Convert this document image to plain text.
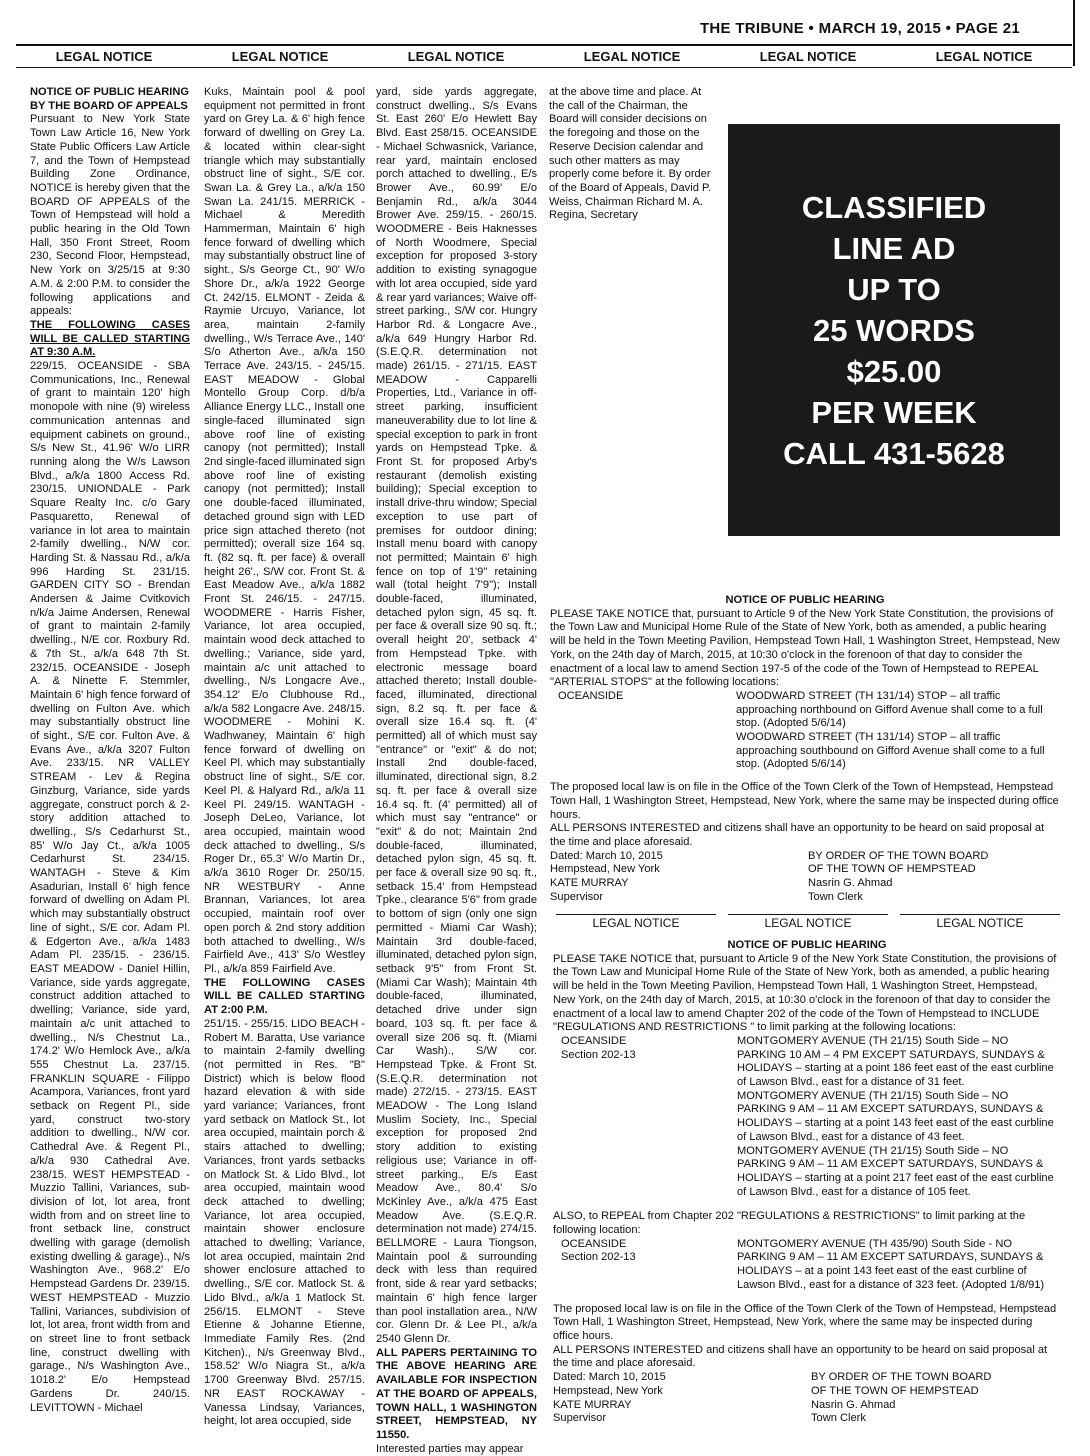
THE TRIBUNE • MARCH 19, 2015 • PAGE 21
LEGAL NOTICE	LEGAL NOTICE	LEGAL NOTICE	LEGAL NOTICE	LEGAL NOTICE	LEGAL NOTICE

NOTICE OF PUBLIC HEARING BY THE BOARD OF APPEALS

Pursuant to New York State Town Law Article 16, New York State Public Officers Law Article 7, and the Town of Hempstead Building Zone Ordinance, NOTICE is hereby given that the BOARD OF APPEALS of the Town of Hempstead will hold a public hearing in the Old Town Hall, 350 Front Street, Room 230, Second Floor, Hempstead, New York on 3/25/15 at 9:30 A.M. & 2:00 P.M. to consider the following applications and appeals:

THE FOLLOWING CASES WILL BE CALLED STARTING AT 9:30 A.M.

229/15. OCEANSIDE - SBA Communications, Inc., Renewal of grant to maintain 120' high monopole with nine (9) wireless communication antennas and equipment cabinets on ground., S/s New St., 41.96' W/o LIRR running along the W/s Lawson Blvd., a/k/a 1800 Access Rd. 230/15. UNIONDALE - Park Square Realty Inc. c/o Gary Pasquaretto, Renewal of variance in lot area to maintain 2-family dwelling., N/W cor. Harding St. & Nassau Rd., a/k/a 996 Harding St. 231/15. GARDEN CITY SO - Brendan Andersen & Jaime Cvitkovich n/k/a Jaime Andersen, Renewal of grant to maintain 2-family dwelling., N/E cor. Roxbury Rd. & 7th St., a/k/a 648 7th St. 232/15. OCEANSIDE - Joseph A. & Ninette F. Stemmler, Maintain 6' high fence forward of dwelling on Fulton Ave. which may substantially obstruct line of sight., S/E cor. Fulton Ave. & Evans Ave., a/k/a 3207 Fulton Ave. 233/15. NR VALLEY STREAM - Lev & Regina Ginzburg, Variance, side yards aggregate, construct porch & 2-story addition attached to dwelling., S/s Cedarhurst St., 85' W/o Jay Ct., a/k/a 1005 Cedarhurst St. 234/15. WANTAGH - Steve & Kim Asadurian, Install 6' high fence forward of dwelling on Adam Pl. which may substantially obstruct line of sight., S/E cor. Adam Pl. & Edgerton Ave., a/k/a 1483 Adam Pl. 235/15. - 236/15. EAST MEADOW - Daniel Hillin, Variance, side yards aggregate, construct addition attached to dwelling; Variance, side yard, maintain a/c unit attached to dwelling., N/s Chestnut La., 174.2' W/o Hemlock Ave., a/k/a 555 Chestnut La. 237/15. FRANKLIN SQUARE - Filippo Acampora, Variances, front yard setback on Regent Pl., side yard, construct two-story addition to dwelling., N/W cor. Cathedral Ave. & Regent Pl., a/k/a 930 Cathedral Ave. 238/15. WEST HEMPSTEAD - Muzzio Tallini, Variances, sub-division of lot, lot area, front width from and on street line to front setback line, construct dwelling with garage (demolish existing dwelling & garage)., N/s Washington Ave., 968.2' E/o Hempstead Gardens Dr. 239/15. WEST HEMPSTEAD - Muzzio Tallini, Variances, subdivision of lot, lot area, front width from and on street line to front setback line, construct dwelling with garage., N/s Washington Ave., 1018.2' E/o Hempstead Gardens Dr. 240/15. LEVITTOWN - Michael

Kuks, Maintain pool & pool equipment not permitted in front yard on Grey La. & 6' high fence forward of dwelling on Grey La. & located within clear-sight triangle which may substantially obstruct line of sight., S/E cor. Swan La. & Grey La., a/k/a 150 Swan La. 241/15. MERRICK - Michael & Meredith Hammerman, Maintain 6' high fence forward of dwelling which may substantially obstruct line of sight., S/s George Ct., 90' W/o Shore Dr., a/k/a 1922 George Ct. 242/15. ELMONT - Zeida & Raymie Urcuyo, Variance, lot area, maintain 2-family dwelling., W/s Terrace Ave., 140' S/o Atherton Ave., a/k/a 150 Terrace Ave. 243/15. - 245/15. EAST MEADOW - Global Montello Group Corp. d/b/a Alliance Energy LLC., Install one single-faced illuminated sign above roof line of existing canopy (not permitted); Install 2nd single-faced illuminated sign above roof line of existing canopy (not permitted); Install one double-faced illuminated, detached ground sign with LED price sign attached thereto (not permitted); overall size 164 sq. ft. (82 sq. ft. per face) & overall height 26'., S/W cor. Front St. & East Meadow Ave., a/k/a 1882 Front St. 246/15. - 247/15. WOODMERE - Harris Fisher, Variance, lot area occupied, maintain wood deck attached to dwelling.; Variance, side yard, maintain a/c unit attached to dwelling., N/s Longacre Ave., 354.12' E/o Clubhouse Rd., a/k/a 582 Longacre Ave. 248/15. WOODMERE - Mohini K. Wadhwaney, Maintain 6' high fence forward of dwelling on Keel Pl. which may substantially obstruct line of sight., S/E cor. Keel Pl. & Halyard Rd., a/k/a 11 Keel Pl. 249/15. WANTAGH - Joseph DeLeo, Variance, lot area occupied, maintain wood deck attached to dwelling., S/s Roger Dr., 65.3' W/o Martin Dr., a/k/a 3610 Roger Dr. 250/15. NR WESTBURY - Anne Brannan, Variances, lot area occupied, maintain roof over open porch & 2nd story addition both attached to dwelling., W/s Fairfield Ave., 413' S/o Westley Pl., a/k/a 859 Fairfield Ave.

THE FOLLOWING CASES WILL BE CALLED STARTING AT 2:00 P.M.

251/15. - 255/15. LIDO BEACH - Robert M. Baratta, Use variance to maintain 2-family dwelling (not permitted in Res. "B" District) which is below flood hazard elevation & with side yard variance; Variances, front yard setback on Matlock St., lot area occupied, maintain porch & stairs attached to dwelling; Variances, front yards setbacks on Matlock St. & Lido Blvd., lot area occupied, maintain wood deck attached to dwelling; Variance, lot area occupied, maintain shower enclosure attached to dwelling; Variance, lot area occupied, maintain 2nd shower enclosure attached to dwelling., S/E cor. Matlock St. & Lido Blvd., a/k/a 1 Matlock St. 256/15. ELMONT - Steve Etienne & Johanne Etienne, Immediate Family Res. (2nd Kitchen)., N/s Greenway Blvd., 158.52' W/o Niagra St., a/k/a 1700 Greenway Blvd. 257/15. NR EAST ROCKAWAY - Vanessa Lindsay, Variances, height, lot area occupied, side

yard, side yards aggregate, construct dwelling., S/s Evans St. East 260' E/o Hewlett Bay Blvd. East 258/15. OCEANSIDE - Michael Schwasnick, Variance, rear yard, maintain enclosed porch attached to dwelling., E/s Brower Ave., 60.99' E/o Benjamin Rd., a/k/a 3044 Brower Ave. 259/15. - 260/15. WOODMERE - Beis Haknesses of North Woodmere, Special exception for proposed 3-story addition to existing synagogue with lot area occupied, side yard & rear yard variances; Waive off-street parking., S/W cor. Hungry Harbor Rd. & Longacre Ave., a/k/a 649 Hungry Harbor Rd. (S.E.Q.R. determination not made) 261/15. - 271/15. EAST MEADOW - Capparelli Properties, Ltd., Variance in off-street parking, insufficient maneuverability due to lot line & special exception to park in front yards on Hempstead Tpke. & Front St. for proposed Arby's restaurant (demolish existing building); Special exception to install drive-thru window; Special exception to use part of premises for outdoor dining; Install menu board with canopy not permitted; Maintain 6' high fence on top of 1'9" retaining wall (total height 7'9"); Install double-faced, illuminated, detached pylon sign, 45 sq. ft. per face & overall size 90 sq. ft.; overall height 20', setback 4' from Hempstead Tpke. with electronic message board attached thereto; Install double-faced, illuminated, directional sign, 8.2 sq. ft. per face & overall size 16.4 sq. ft. (4' permitted) all of which must say "entrance" or "exit" & do not; Install 2nd double-faced, illuminated, directional sign, 8.2 sq. ft. per face & overall size 16.4 sq. ft. (4' permitted) all of which must say "entrance" or "exit" & do not; Maintain 2nd double-faced, illuminated, detached pylon sign, 45 sq. ft. per face & overall size 90 sq. ft., setback 15.4' from Hempstead Tpke., clearance 5'6" from grade to bottom of sign (only one sign permitted - Miami Car Wash); Maintain 3rd double-faced, illuminated, detached pylon sign, setback 9'5" from Front St. (Miami Car Wash); Maintain 4th double-faced, illuminated, detached drive under sign board, 103 sq. ft. per face & overall size 206 sq. ft. (Miami Car Wash)., S/W cor. Hempstead Tpke. & Front St. (S.E.Q.R. determination not made) 272/15. - 273/15. EAST MEADOW - The Long Island Muslim Society, Inc., Special exception for proposed 2nd story addition to existing religious use; Variance in off-street parking., E/s East Meadow Ave., 80.4' S/o McKinley Ave., a/k/a 475 East Meadow Ave. (S.E.Q.R. determination not made) 274/15. BELLMORE - Laura Tiongson, Maintain pool & surrounding deck with less than required front, side & rear yard setbacks; maintain 6' high fence larger than pool installation area., N/W cor. Glenn Dr. & Lee Pl., a/k/a 2540 Glenn Dr.

ALL PAPERS PERTAINING TO THE ABOVE HEARING ARE AVAILABLE FOR INSPECTION AT THE BOARD OF APPEALS, TOWN HALL, 1 WASHINGTON STREET, HEMPSTEAD, NY 11550.

Interested parties may appear

at the above time and place. At the call of the Chairman, the Board will consider decisions on the foregoing and those on the Reserve Decision calendar and such other matters as may properly come before it. By order of the Board of Appeals, David P. Weiss, Chairman Richard M. A. Regina, Secretary	CLASSIFIED
LINE AD
UP TO
25 WORDS
$25.00
PER WEEK
CALL 431-5628
NOTICE OF PUBLIC HEARING
PLEASE TAKE NOTICE that, pursuant to Article 9 of the New York State Constitution, the provisions of the Town Law and Municipal Home Rule of the State of New York, both as amended, a public hearing will be held in the Town Meeting Pavilion, Hempstead Town Hall, 1 Washington Street, Hempstead, New York, on the 24th day of March, 2015, at 10:30 o'clock in the forenoon of that day to consider the enactment of a local law to amend Section 197-5 of the code of the Town of Hempstead to REPEAL "ARTERIAL STOPS" at the following locations:
OCEANSIDE	WOODWARD STREET (TH 131/14) STOP – all traffic approaching northbound on Gifford Avenue shall come to a full stop. (Adopted 5/6/14)
WOODWARD STREET (TH 131/14) STOP – all traffic approaching southbound on Gifford Avenue shall come to a full stop. (Adopted 5/6/14)
The proposed local law is on file in the Office of the Town Clerk of the Town of Hempstead, Hempstead Town Hall, 1 Washington Street, Hempstead, New York, where the same may be inspected during office hours.
ALL PERSONS INTERESTED and citizens shall have an opportunity to be heard on said proposal at the time and place aforesaid.
Dated: March 10, 2015
Hempstead, New York
KATE MURRAY
Supervisor
BY ORDER OF THE TOWN BOARD
OF THE TOWN OF HEMPSTEAD
Nasrin G. Ahmad
Town Clerk
LEGAL NOTICE	LEGAL NOTICE	LEGAL NOTICE
NOTICE OF PUBLIC HEARING
PLEASE TAKE NOTICE that, pursuant to Article 9 of the New York State Constitution, the provisions of the Town Law and Municipal Home Rule of the State of New York, both as amended, a public hearing will be held in the Town Meeting Pavilion, Hempstead Town Hall, 1 Washington Street, Hempstead, New York, on the 24th day of March, 2015, at 10:30 o'clock in the forenoon of that day to consider the enactment of a local law to amend Chapter 202 of the code of the Town of Hempstead to INCLUDE "REGULATIONS AND RESTRICTIONS " to limit parking at the following locations:
OCEANSIDE
Section 202-13
MONTGOMERY AVENUE (TH 21/15) South Side – NO PARKING 10 AM – 4 PM EXCEPT SATURDAYS, SUNDAYS & HOLIDAYS – starting at a point 186 feet east of the east curbline of Lawson Blvd., east for a distance of 31 feet.
MONTGOMERY AVENUE (TH 21/15) South Side – NO PARKING 9 AM – 11 AM EXCEPT SATURDAYS, SUNDAYS & HOLIDAYS – starting at a point 143 feet east of the east curbline of Lawson Blvd., east for a distance of 43 feet.
MONTGOMERY AVENUE (TH 21/15) South Side – NO PARKING 9 AM – 11 AM EXCEPT SATURDAYS, SUNDAYS & HOLIDAYS – starting at a point 217 feet east of the east curbline of Lawson Blvd., east for a distance of 105 feet.
ALSO, to REPEAL from Chapter 202 "REGULATIONS & RESTRICTIONS" to limit parking at the following location:
OCEANSIDE
Section 202-13
MONTGOMERY AVENUE (TH 435/90) South Side - NO PARKING 9 AM – 11 AM EXCEPT SATURDAYS, SUNDAYS & HOLIDAYS – at a point 143 feet east of the east curbline of Lawson Blvd., east for a distance of 323 feet. (Adopted 1/8/91)
The proposed local law is on file in the Office of the Town Clerk of the Town of Hempstead, Hempstead Town Hall, 1 Washington Street, Hempstead, New York, where the same may be inspected during office hours.
ALL PERSONS INTERESTED and citizens shall have an opportunity to be heard on said proposal at the time and place aforesaid.
Dated: March 10, 2015
Hempstead, New York
KATE MURRAY
Supervisor
BY ORDER OF THE TOWN BOARD
OF THE TOWN OF HEMPSTEAD
Nasrin G. Ahmad
Town Clerk
